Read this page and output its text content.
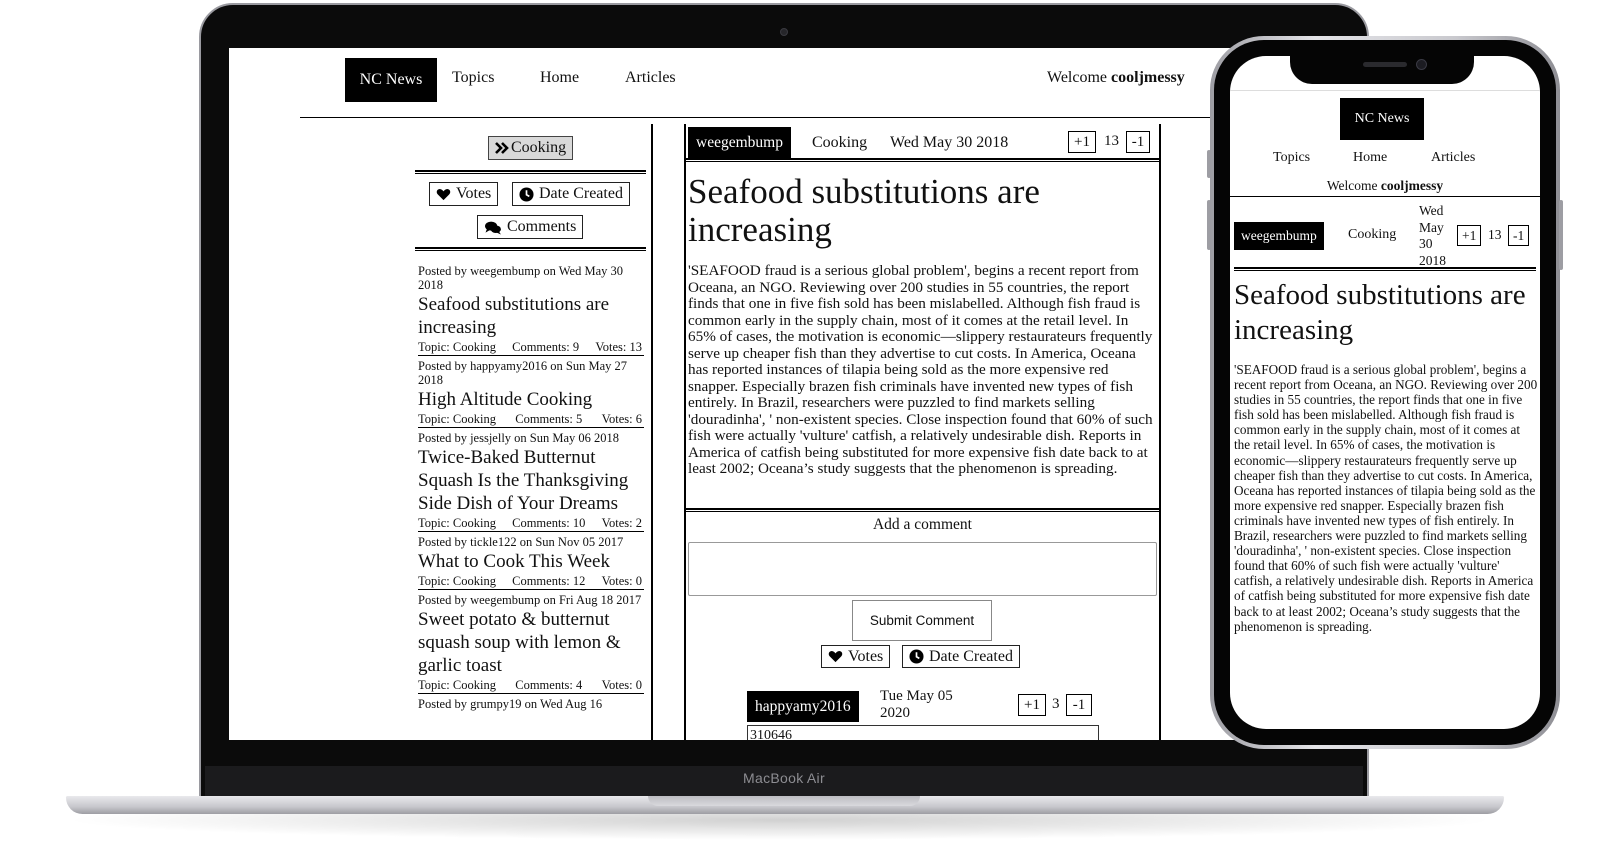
MacBook Air
NC News	Topics	Home	Articles	Welcome cooljmessy
Cooking
Votes	Date Created
Comments
Posted by weegembump on Wed May 30 2018
Seafood substitutions are increasing
Topic: Cooking Comments: 9 Votes: 13
Posted by happyamy2016 on Sun May 27 2018
High Altitude Cooking
Topic: Cooking Comments: 5 Votes: 6
Posted by jessjelly on Sun May 06 2018
Twice-Baked Butternut Squash Is the Thanksgiving Side Dish of Your Dreams
Topic: Cooking Comments: 10 Votes: 2
Posted by tickle122 on Sun Nov 05 2017
What to Cook This Week
Topic: Cooking Comments: 12 Votes: 0
Posted by weegembump on Fri Aug 18 2017
Sweet potato & butternut squash soup with lemon & garlic toast
Topic: Cooking Comments: 4 Votes: 0
Posted by grumpy19 on Wed Aug 16
weegembump	Cooking Wed May 30 2018	+1 13 -1
Seafood substitutions are increasing
'SEAFOOD fraud is a serious global problem', begins a recent report from Oceana, an NGO. Reviewing over 200 studies in 55 countries, the report finds that one in five fish sold has been mislabelled. Although fish fraud is common early in the supply chain, most of it comes at the retail level. In 65% of cases, the motivation is economic—slippery restaurateurs frequently serve up cheaper fish than they advertise to cut costs. In America, Oceana has reported instances of tilapia being sold as the more expensive red snapper. Especially brazen fish criminals have invented new types of fish entirely. In Brazil, researchers were puzzled to find markets selling 'douradinha', ' non-existent species. Close inspection found that 60% of such fish were actually 'vulture' catfish, a relatively undesirable dish. Reports in America of catfish being substituted for more expensive fish date back to at least 2002; Oceana’s study suggests that the phenomenon is spreading.
Add a comment
Submit Comment
Votes	Date Created
happyamy2016
Tue May 05 2020
+1 3 -1
310646
NC News
Topics	Home	Articles
Welcome cooljmessy
weegembump	Cooking
Wed
May
30
2018
+1 13 -1
Seafood substitutions are increasing
'SEAFOOD fraud is a serious global problem', begins a recent report from Oceana, an NGO. Reviewing over 200 studies in 55 countries, the report finds that one in five fish sold has been mislabelled. Although fish fraud is common early in the supply chain, most of it comes at the retail level. In 65% of cases, the motivation is economic—slippery restaurateurs frequently serve up cheaper fish than they advertise to cut costs. In America, Oceana has reported instances of tilapia being sold as the more expensive red snapper. Especially brazen fish criminals have invented new types of fish entirely. In Brazil, researchers were puzzled to find markets selling 'douradinha', ' non-existent species. Close inspection found that 60% of such fish were actually 'vulture' catfish, a relatively undesirable dish. Reports in America of catfish being substituted for more expensive fish date back to at least 2002; Oceana’s study suggests that the phenomenon is spreading.
